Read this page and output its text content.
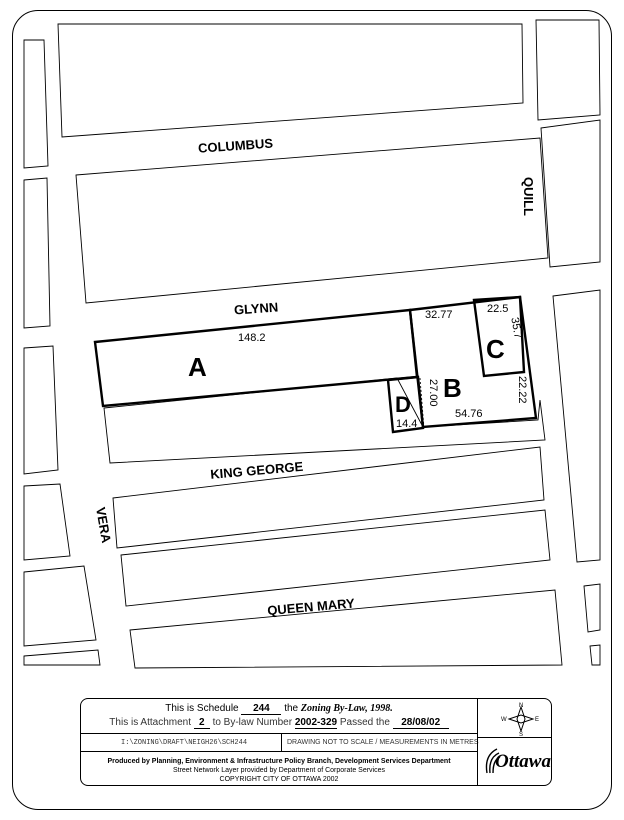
COLUMBUS
QUILL
GLYNN
KING GEORGE
VERA
QUEEN MARY
A
B
C
D
148.2
32.77	22.5
35.7
22.22
27.00
54.76
14.4
This is Schedule 244 the Zoning By-Law, 1998.
This is Attachment 2 to By-law Number 2002-329 Passed the 28/08/02
I:\ZONING\DRAFT\NEIGH26\SCH244	DRAWING NOT TO SCALE / MEASUREMENTS IN METRES
Produced by Planning, Environment & Infrastructure Policy Branch, Development Services Department
Street Network Layer provided by Department of Corporate Services
COPYRIGHT CITY OF OTTAWA 2002
N
S
W	E
Ottawa
